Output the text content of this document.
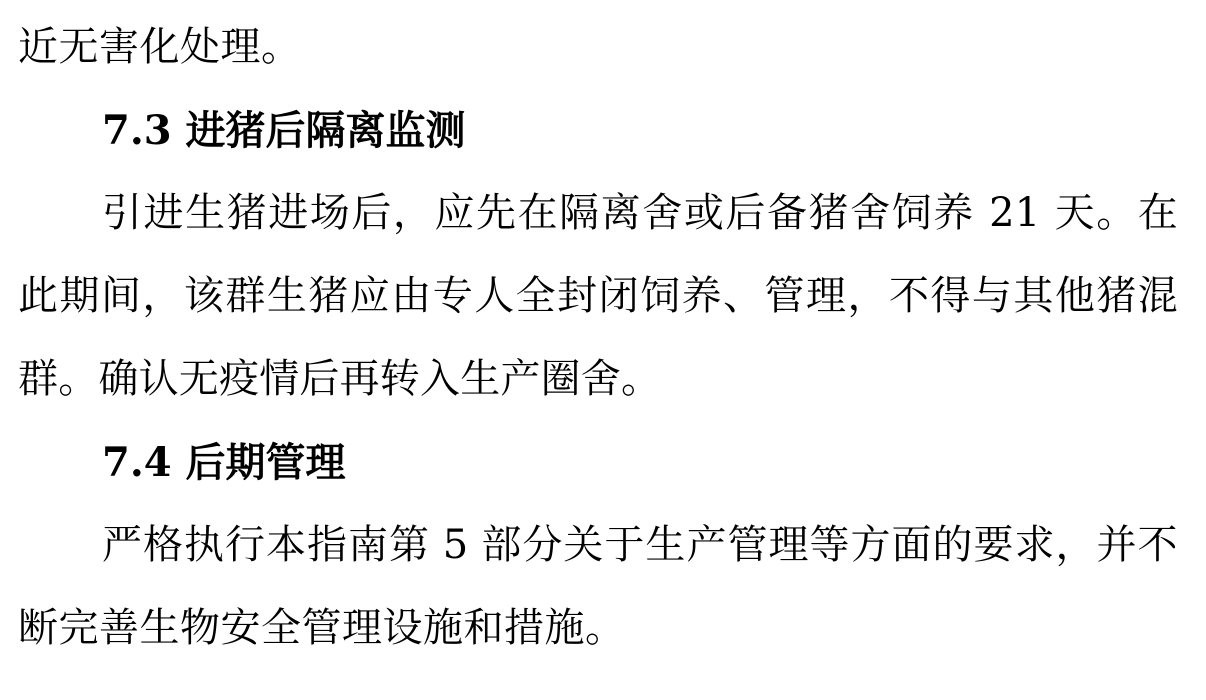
近无害化处理。

7.3 进猪后隔离监测

引进生猪进场后，应先在隔离舍或后备猪舍饲养 21 天。在此期间，该群生猪应由专人全封闭饲养、管理，不得与其他猪混群。确认无疫情后再转入生产圈舍。

7.4 后期管理

严格执行本指南第 5 部分关于生产管理等方面的要求，并不断完善生物安全管理设施和措施。
